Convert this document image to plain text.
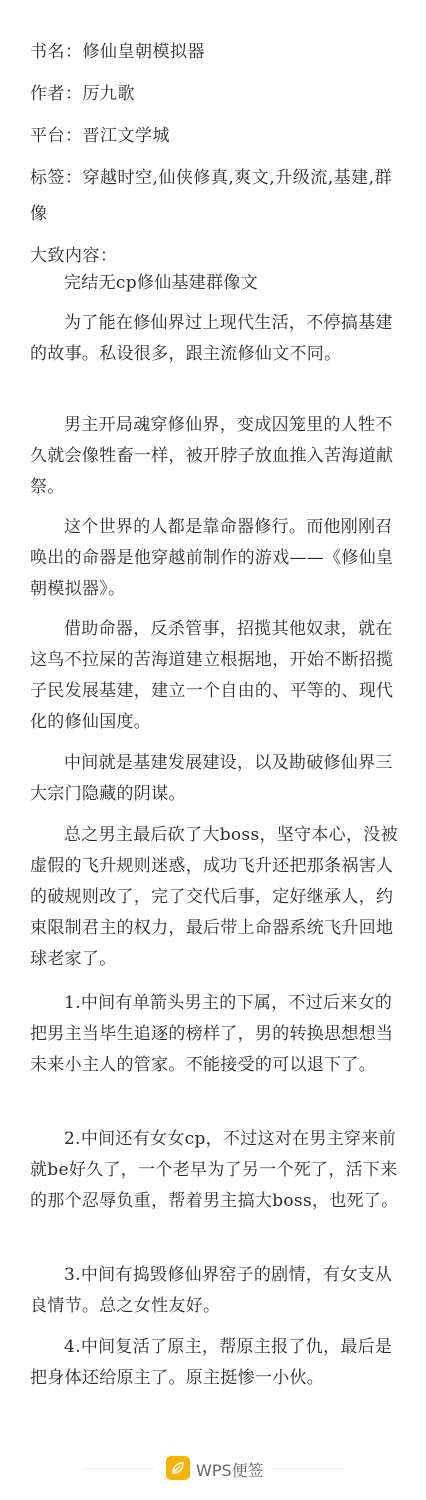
书名：修仙皇朝模拟器
作者：厉九歌
平台：晋江文学城
标签：穿越时空,仙侠修真,爽文,升级流,基建,群像
大致内容：
完结无cp修仙基建群像文
为了能在修仙界过上现代生活，不停搞基建的故事。私设很多，跟主流修仙文不同。
男主开局魂穿修仙界，变成囚笼里的人牲不久就会像牲畜一样，被开脖子放血推入苦海道献祭。
这个世界的人都是靠命器修行。而他刚刚召唤出的命器是他穿越前制作的游戏——《修仙皇朝模拟器》。
借助命器，反杀管事，招揽其他奴隶，就在这鸟不拉屎的苦海道建立根据地，开始不断招揽子民发展基建，建立一个自由的、平等的、现代化的修仙国度。
中间就是基建发展建设，以及勘破修仙界三大宗门隐藏的阴谋。
总之男主最后砍了大boss，坚守本心，没被虚假的飞升规则迷惑，成功飞升还把那条祸害人的破规则改了，完了交代后事，定好继承人，约束限制君主的权力，最后带上命器系统飞升回地球老家了。
1.中间有单箭头男主的下属，不过后来女的把男主当毕生追逐的榜样了，男的转换思想想当未来小主人的管家。不能接受的可以退下了。
2.中间还有女女cp，不过这对在男主穿来前就be好久了，一个老早为了另一个死了，活下来的那个忍辱负重，帮着男主搞大boss，也死了。
3.中间有捣毁修仙界窑子的剧情，有女支从良情节。总之女性友好。
4.中间复活了原主，帮原主报了仇，最后是把身体还给原主了。原主挺惨一小伙。
WPS便签
